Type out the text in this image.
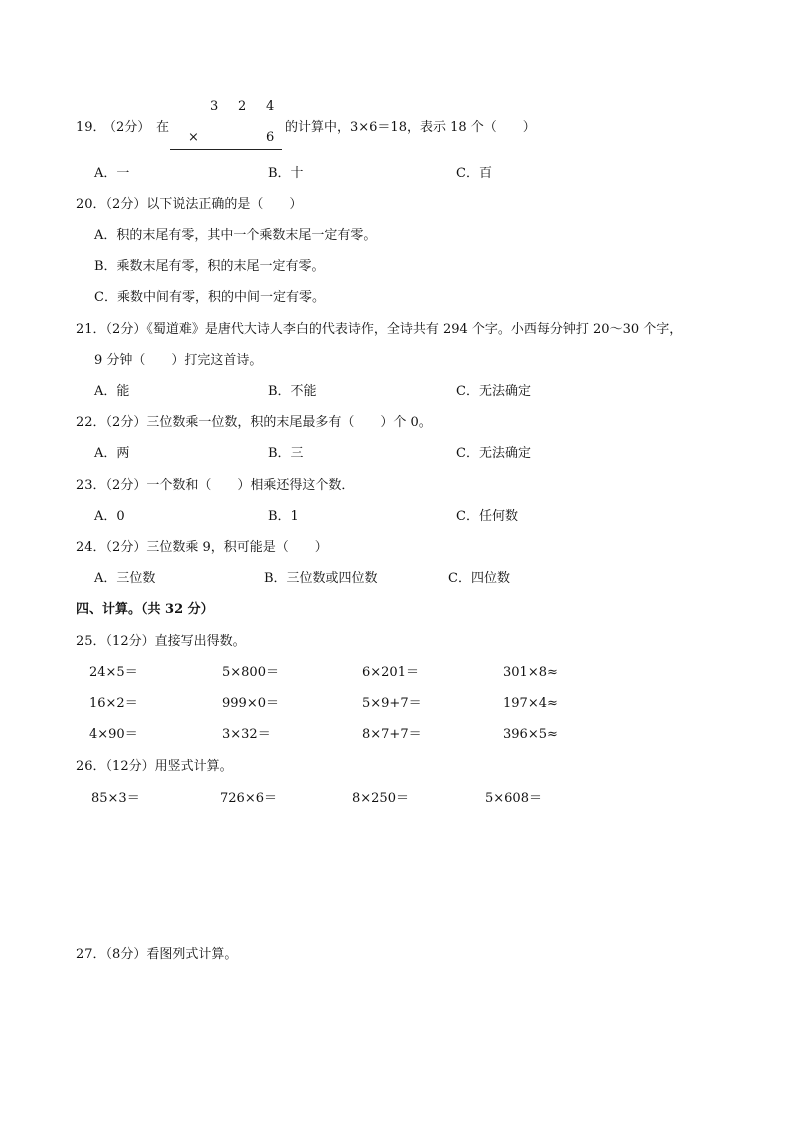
19．
（2分） 在
3 2 4
×	6
的计算中，3×6＝18，表示 18 个（　　）
A．一	B．十	C．百
20．（2分）以下说法正确的是（　　）
A．积的末尾有零，其中一个乘数末尾一定有零。
B．乘数末尾有零，积的末尾一定有零。
C．乘数中间有零，积的中间一定有零。
21．（2分）《蜀道难》是唐代大诗人李白的代表诗作，全诗共有 294 个字。小西每分钟打 20～30 个字，
9 分钟（　　）打完这首诗。
A．能	B．不能	C．无法确定
22．（2分）三位数乘一位数，积的末尾最多有（　　）个 0。
A．两	B．三	C．无法确定
23．（2分）一个数和（　　）相乘还得这个数．
A．0	B．1	C．任何数
24．（2分）三位数乘 9，积可能是（　　）
A．三位数	B．三位数或四位数	C．四位数
四、计算。（共 32 分）
25．（12分）直接写出得数。
24×5＝	5×800＝	6×201＝	301×8≈
16×2＝	999×0＝	5×9+7＝	197×4≈
4×90＝	3×32＝	8×7+7＝	396×5≈
26．（12分）用竖式计算。
85×3＝	726×6＝	8×250＝	5×608＝
27．（8分）看图列式计算。
